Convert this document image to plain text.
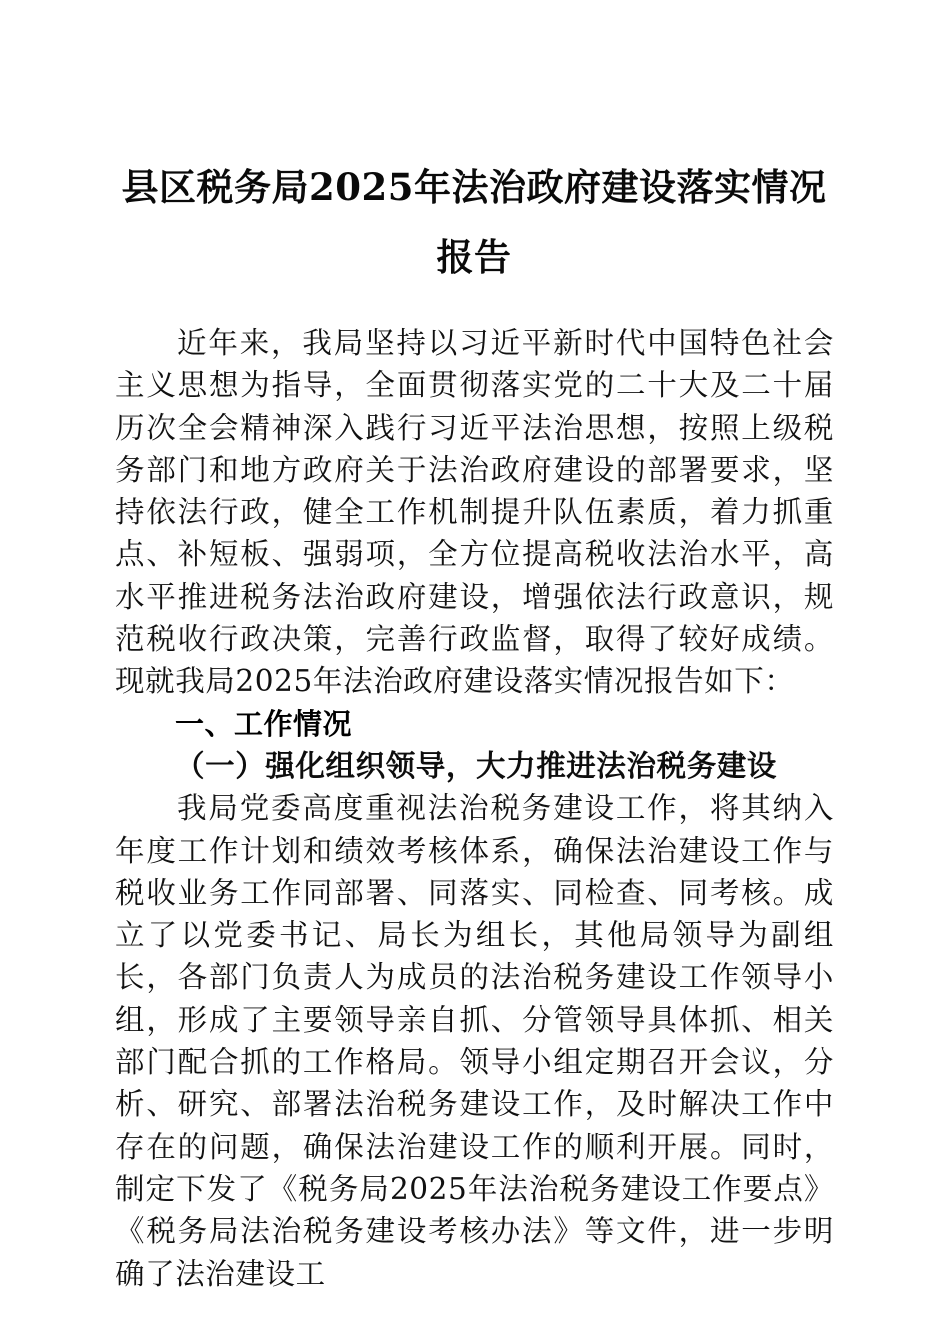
县区税务局2025年法治政府建设落实情况
报告

近年来，我局坚持以习近平新时代中国特色社会主义思想为指导，全面贯彻落实党的二十大及二十届历次全会精神深入践行习近平法治思想，按照上级税务部门和地方政府关于法治政府建设的部署要求，坚持依法行政，健全工作机制提升队伍素质，着力抓重点、补短板、强弱项，全方位提高税收法治水平，高水平推进税务法治政府建设，增强依法行政意识，规范税收行政决策，完善行政监督，取得了较好成绩。现就我局2025年法治政府建设落实情况报告如下：

一、工作情况

（一）强化组织领导，大力推进法治税务建设

我局党委高度重视法治税务建设工作，将其纳入年度工作计划和绩效考核体系，确保法治建设工作与税收业务工作同部署、同落实、同检查、同考核。成立了以党委书记、局长为组长，其他局领导为副组长，各部门负责人为成员的法治税务建设工作领导小组，形成了主要领导亲自抓、分管领导具体抓、相关部门配合抓的工作格局。领导小组定期召开会议，分析、研究、部署法治税务建设工作，及时解决工作中存在的问题，确保法治建设工作的顺利开展。同时，制定下发了《税务局2025年法治税务建设工作要点》《税务局法治税务建设考核办法》等文件，进一步明确了法治建设工
